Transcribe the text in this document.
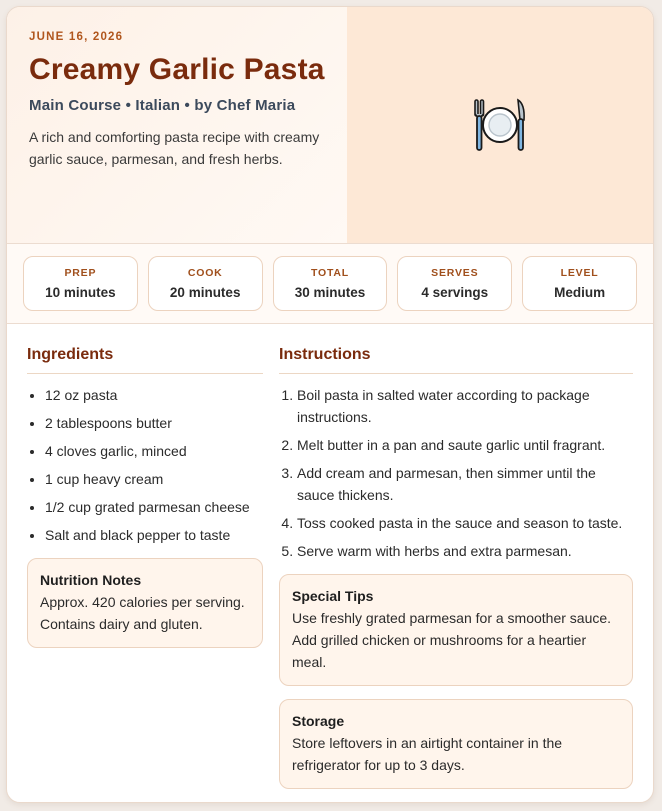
JUNE 16, 2026
Creamy Garlic Pasta
Main Course • Italian • by Chef Maria

A rich and comforting pasta recipe with creamy garlic sauce, parmesan, and fresh herbs.

PREP
10 minutes
COOK
20 minutes
TOTAL
30 minutes
SERVES
4 servings
LEVEL
Medium
Ingredients
• 12 oz pasta
• 2 tablespoons butter
• 4 cloves garlic, minced
• 1 cup heavy cream
• 1/2 cup grated parmesan cheese
• Salt and black pepper to taste
Nutrition Notes
Approx. 420 calories per serving. Contains dairy and gluten.
Instructions
1. Boil pasta in salted water according to package instructions.
2. Melt butter in a pan and saute garlic until fragrant.
3. Add cream and parmesan, then simmer until the sauce thickens.
4. Toss cooked pasta in the sauce and season to taste.
5. Serve warm with herbs and extra parmesan.
Special Tips
Use freshly grated parmesan for a smoother sauce. Add grilled chicken or mushrooms for a heartier meal.
Storage
Store leftovers in an airtight container in the refrigerator for up to 3 days.
